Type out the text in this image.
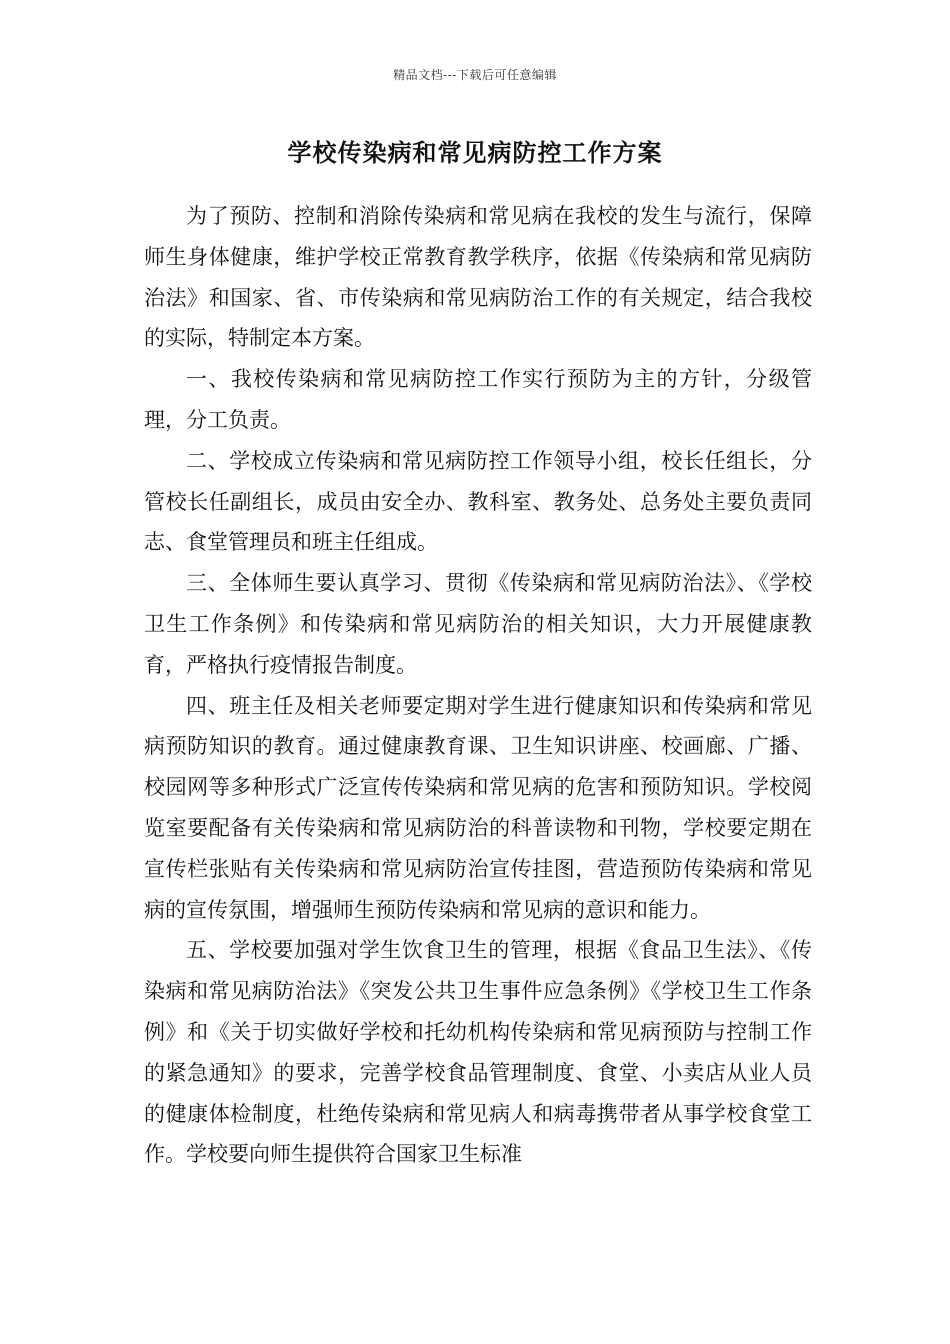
精品文档---下载后可任意编辑
学校传染病和常见病防控工作方案

为了预防、控制和消除传染病和常见病在我校的发生与流行，保障师生身体健康，维护学校正常教育教学秩序，依据《传染病和常见病防治法》和国家、省、市传染病和常见病防治工作的有关规定，结合我校的实际，特制定本方案。

一、我校传染病和常见病防控工作实行预防为主的方针，分级管理，分工负责。

二、学校成立传染病和常见病防控工作领导小组，校长任组长，分管校长任副组长，成员由安全办、教科室、教务处、总务处主要负责同志、食堂管理员和班主任组成。

三、全体师生要认真学习、贯彻《传染病和常见病防治法》、《学校卫生工作条例》和传染病和常见病防治的相关知识，大力开展健康教育，严格执行疫情报告制度。

四、班主任及相关老师要定期对学生进行健康知识和传染病和常见病预防知识的教育。通过健康教育课、卫生知识讲座、校画廊、广播、校园网等多种形式广泛宣传传染病和常见病的危害和预防知识。学校阅览室要配备有关传染病和常见病防治的科普读物和刊物，学校要定期在宣传栏张贴有关传染病和常见病防治宣传挂图，营造预防传染病和常见病的宣传氛围，增强师生预防传染病和常见病的意识和能力。

五、学校要加强对学生饮食卫生的管理，根据《食品卫生法》、《传染病和常见病防治法》《突发公共卫生事件应急条例》《学校卫生工作条例》和《关于切实做好学校和托幼机构传染病和常见病预防与控制工作的紧急通知》的要求，完善学校食品管理制度、食堂、小卖店从业人员的健康体检制度，杜绝传染病和常见病人和病毒携带者从事学校食堂工作。学校要向师生提供符合国家卫生标准
